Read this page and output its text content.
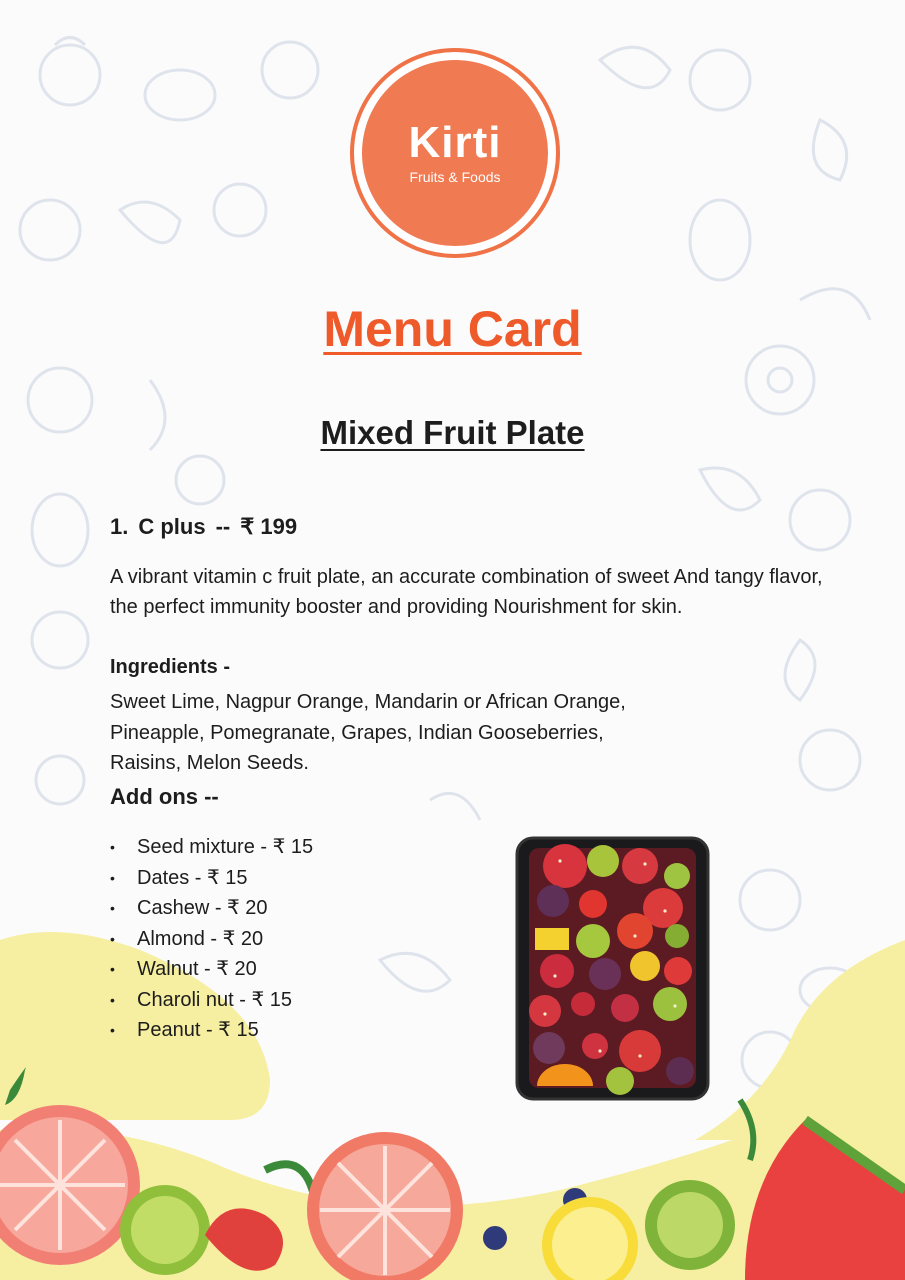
Kirti
Fruits & Foods
Menu Card
Mixed Fruit Plate
1. C plus -- ₹ 199
A vibrant vitamin c fruit plate, an accurate combination of sweet And tangy flavor, the perfect immunity booster and providing Nourishment for skin.
Ingredients -
Sweet Lime, Nagpur Orange, Mandarin or African Orange, Pineapple, Pomegranate, Grapes, Indian Gooseberries, Raisins, Melon Seeds.
Add ons --
•	Seed mixture - ₹ 15
•	Dates - ₹ 15
•	Cashew - ₹ 20
•	Almond - ₹ 20
•	Walnut - ₹ 20
•	Charoli nut - ₹ 15
•	Peanut - ₹ 15
